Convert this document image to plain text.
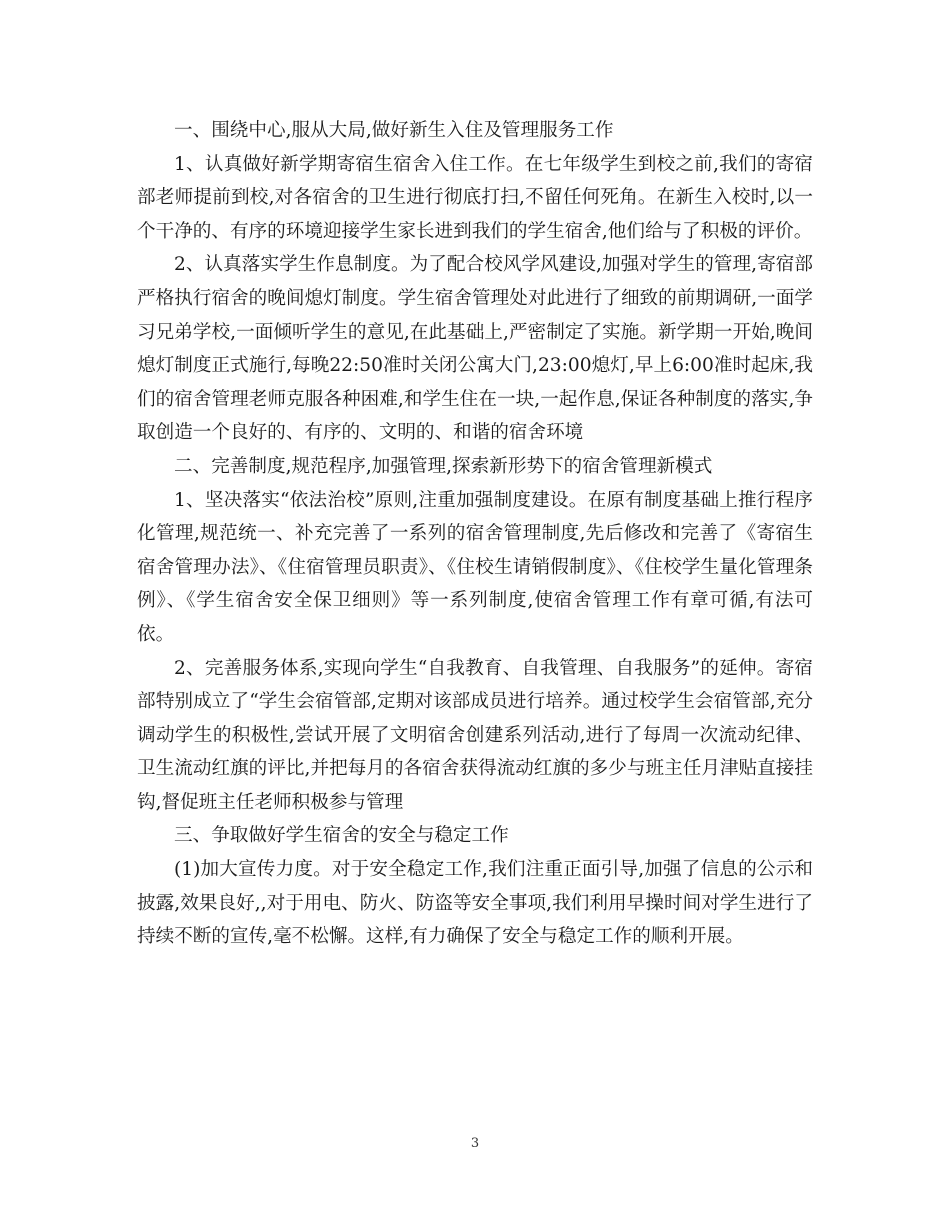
一、围绕中心,服从大局,做好新生入住及管理服务工作

1、认真做好新学期寄宿生宿舍入住工作。在七年级学生到校之前,我们的寄宿部老师提前到校,对各宿舍的卫生进行彻底打扫,不留任何死角。在新生入校时,以一个干净的、有序的环境迎接学生家长进到我们的学生宿舍,他们给与了积极的评价。

2、认真落实学生作息制度。为了配合校风学风建设,加强对学生的管理,寄宿部严格执行宿舍的晚间熄灯制度。学生宿舍管理处对此进行了细致的前期调研,一面学习兄弟学校,一面倾听学生的意见,在此基础上,严密制定了实施。新学期一开始,晚间熄灯制度正式施行,每晚22:50准时关闭公寓大门,23:00熄灯,早上6:00准时起床,我们的宿舍管理老师克服各种困难,和学生住在一块,一起作息,保证各种制度的落实,争取创造一个良好的、有序的、文明的、和谐的宿舍环境

二、完善制度,规范程序,加强管理,探索新形势下的宿舍管理新模式

1、坚决落实“依法治校”原则,注重加强制度建设。在原有制度基础上推行程序化管理,规范统一、补充完善了一系列的宿舍管理制度,先后修改和完善了《寄宿生宿舍管理办法》、《住宿管理员职责》、《住校生请销假制度》、《住校学生量化管理条例》、《学生宿舍安全保卫细则》等一系列制度,使宿舍管理工作有章可循,有法可依。

2、完善服务体系,实现向学生“自我教育、自我管理、自我服务”的延伸。寄宿部特别成立了“学生会宿管部,定期对该部成员进行培养。通过校学生会宿管部,充分调动学生的积极性,尝试开展了文明宿舍创建系列活动,进行了每周一次流动纪律、卫生流动红旗的评比,并把每月的各宿舍获得流动红旗的多少与班主任月津贴直接挂钩,督促班主任老师积极参与管理

三、争取做好学生宿舍的安全与稳定工作

(1)加大宣传力度。对于安全稳定工作,我们注重正面引导,加强了信息的公示和披露,效果良好,,对于用电、防火、防盗等安全事项,我们利用早操时间对学生进行了持续不断的宣传,毫不松懈。这样,有力确保了安全与稳定工作的顺利开展。

3
